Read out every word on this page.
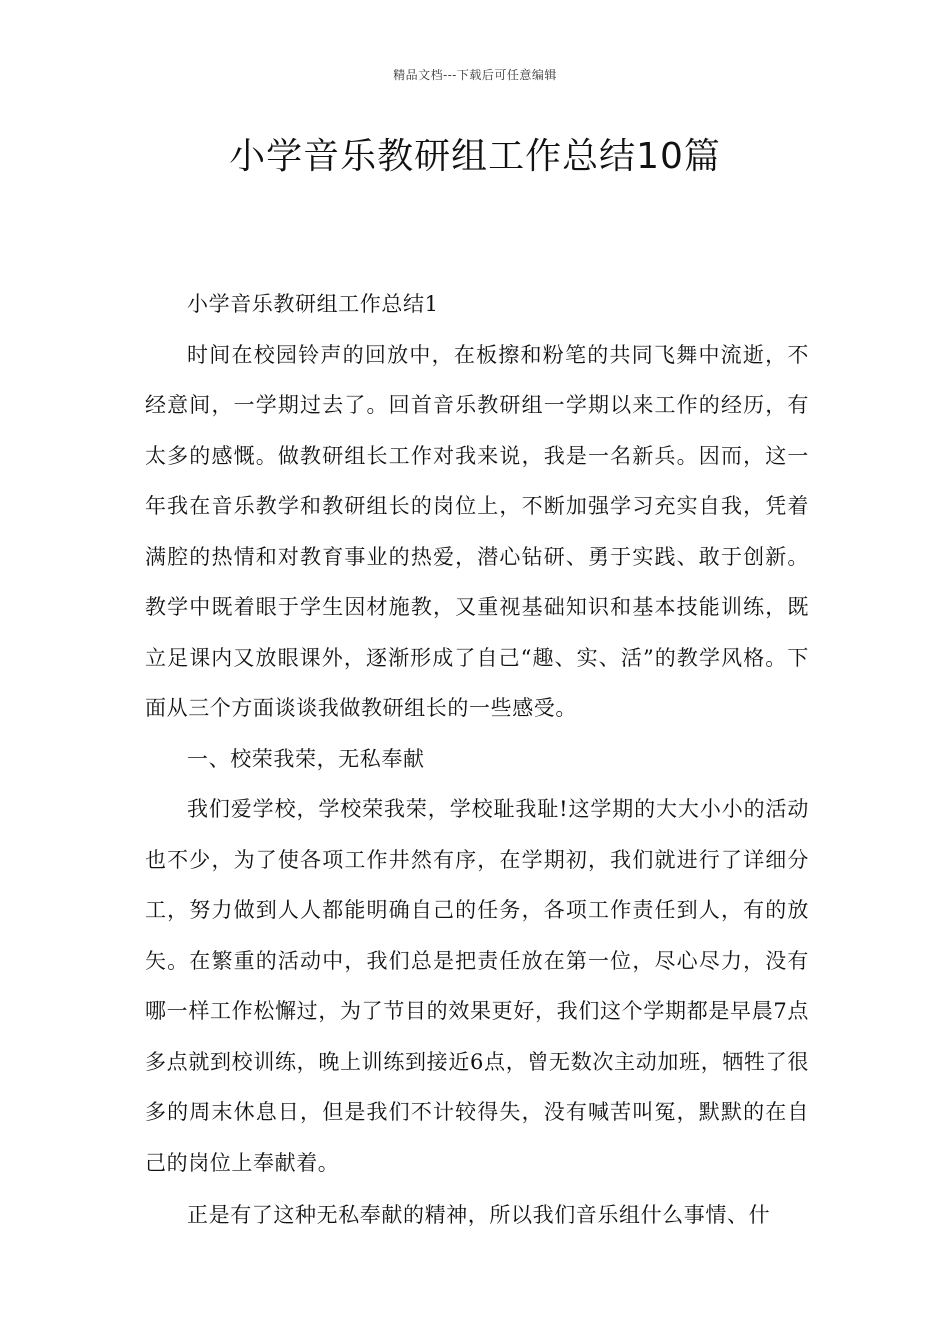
精品文档---下载后可任意编辑
小学音乐教研组工作总结10篇

小学音乐教研组工作总结1

时间在校园铃声的回放中，在板擦和粉笔的共同飞舞中流逝，不经意间，一学期过去了。回首音乐教研组一学期以来工作的经历，有太多的感慨。做教研组长工作对我来说，我是一名新兵。因而，这一年我在音乐教学和教研组长的岗位上，不断加强学习充实自我，凭着满腔的热情和对教育事业的热爱，潜心钻研、勇于实践、敢于创新。教学中既着眼于学生因材施教，又重视基础知识和基本技能训练，既立足课内又放眼课外，逐渐形成了自己“趣、实、活”的教学风格。下面从三个方面谈谈我做教研组长的一些感受。

一、校荣我荣，无私奉献

我们爱学校，学校荣我荣，学校耻我耻!这学期的大大小小的活动也不少，为了使各项工作井然有序，在学期初，我们就进行了详细分工，努力做到人人都能明确自己的任务，各项工作责任到人，有的放矢。在繁重的活动中，我们总是把责任放在第一位，尽心尽力，没有哪一样工作松懈过，为了节目的效果更好，我们这个学期都是早晨7点多点就到校训练，晚上训练到接近6点，曾无数次主动加班，牺牲了很多的周末休息日，但是我们不计较得失，没有喊苦叫冤，默默的在自己的岗位上奉献着。

正是有了这种无私奉献的精神，所以我们音乐组什么事情、什
